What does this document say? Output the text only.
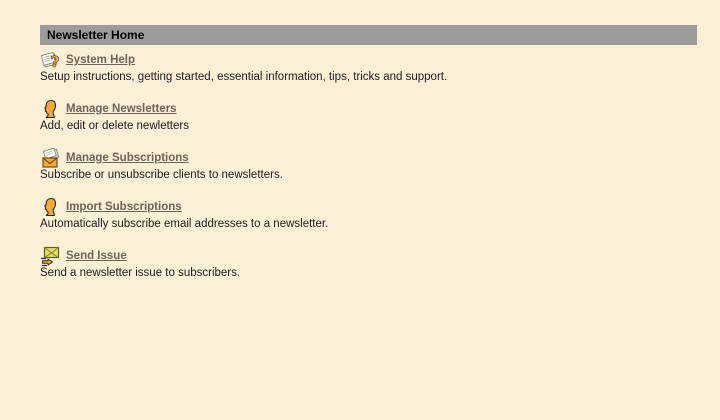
Newsletter Home
? System Help
Setup instructions, getting started, essential information, tips, tricks and support.
Manage Newsletters
Add, edit or delete newletters
Manage Subscriptions
Subscribe or unsubscribe clients to newsletters.
Import Subscriptions
Automatically subscribe email addresses to a newsletter.
Send Issue
Send a newsletter issue to subscribers.
